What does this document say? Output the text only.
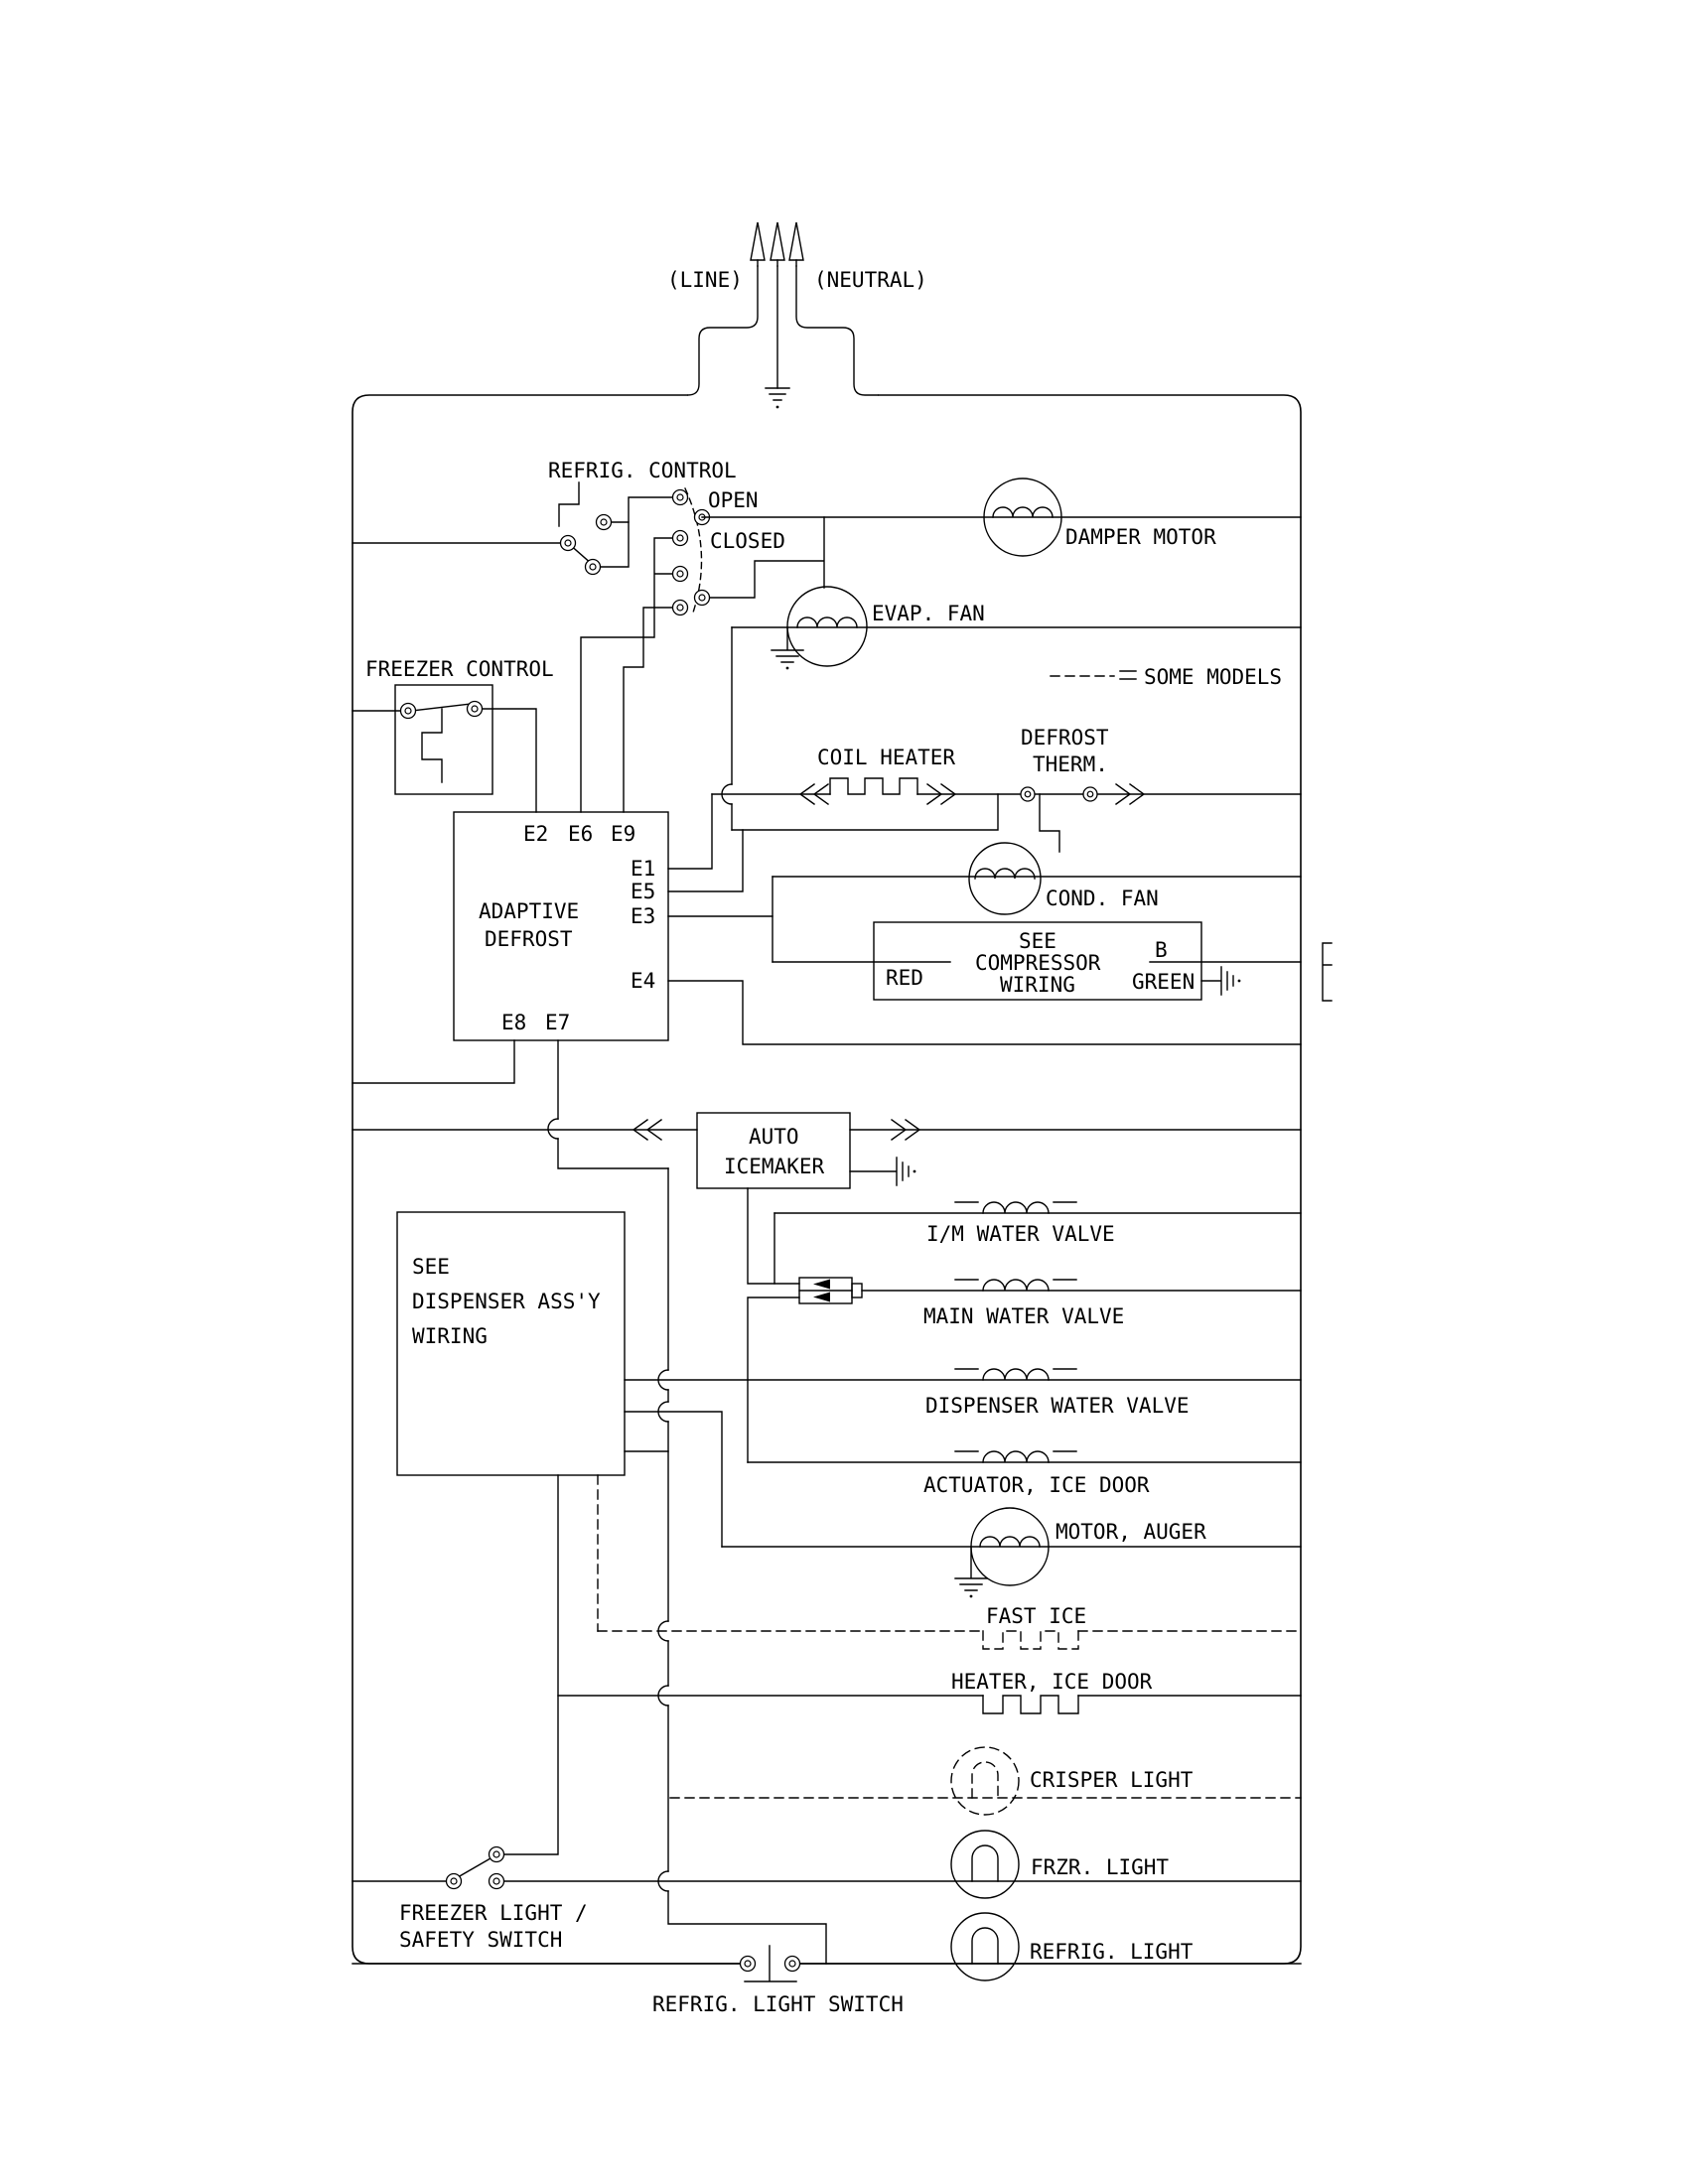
(LINE)	(NEUTRAL)
REFRIG. CONTROL
OPEN
CLOSED	DAMPER MOTOR
EVAP. FAN
SOME MODELS
FREEZER CONTROL
ADAPTIVE
DEFROST
E2 E6 E9
E1
E5
E3
E4
E8 E7
COIL HEATER
DEFROST
THERM.
COND. FAN
SEE
COMPRESSOR
WIRING
RED
B
GREEN
AUTO
ICEMAKER
I/M WATER VALVE
MAIN WATER VALVE
DISPENSER WATER VALVE
SEE
DISPENSER ASS'Y
WIRING
ACTUATOR, ICE DOOR
MOTOR, AUGER
FAST ICE
HEATER, ICE DOOR
CRISPER LIGHT
FRZR. LIGHT
REFRIG. LIGHT
FREEZER LIGHT /
SAFETY SWITCH
REFRIG. LIGHT SWITCH
